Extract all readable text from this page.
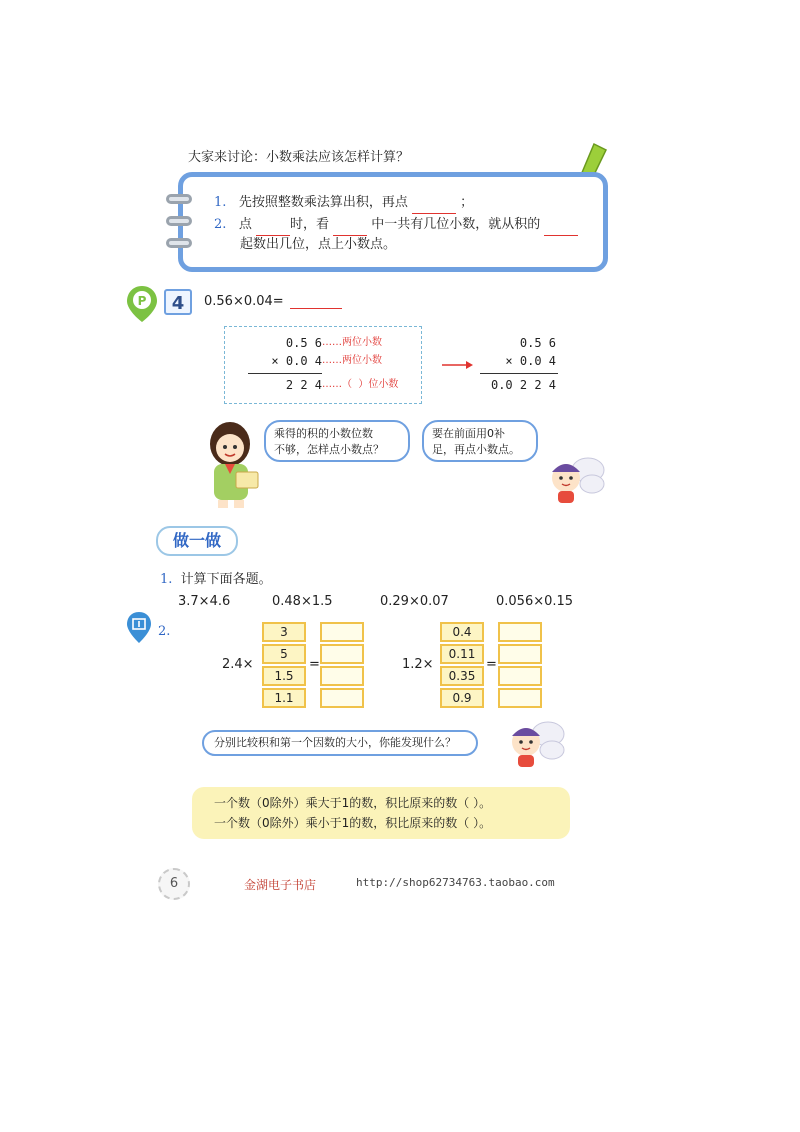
大家来讨论：小数乘法应该怎样计算？
1. 先按照整数乘法算出积，再点	；
2. 点	时，看	中一共有几位小数，就从积的
起数出几位，点上小数点。
P	4	0.56×0.04=
0.5 6 ……两位小数
× 0.0 4 ……两位小数
2 2 4 ……（  ）位小数
0.5 6
× 0.0 4
0.0 2 2 4
乘得的积的小数位数
不够，怎样点小数点？
要在前面用0补
足，再点小数点。
做一做
1. 计算下面各题。
3.7×4.6	0.48×1.5	0.29×0.07	0.056×0.15
2.
2.4×
3
5
1.5
1.1
=	1.2×
0.4
0.11
0.35
0.9
=
分别比较积和第一个因数的大小，你能发现什么？
一个数（0除外）乘大于1的数，积比原来的数（ ）。
一个数（0除外）乘小于1的数，积比原来的数（ ）。
6	金湖电子书店	http://shop62734763.taobao.com
